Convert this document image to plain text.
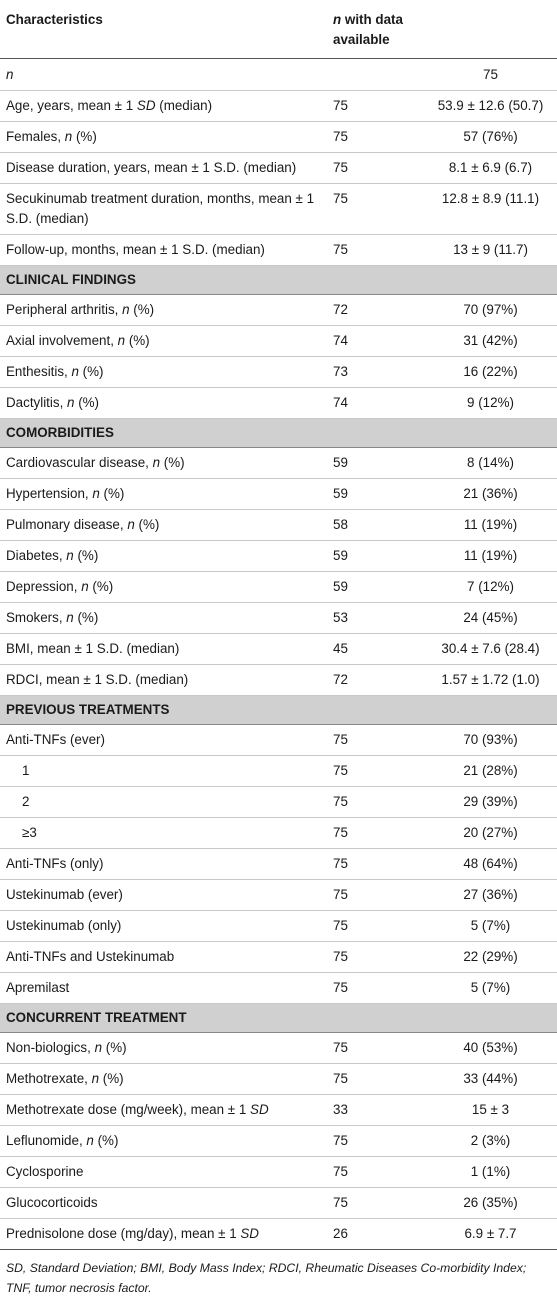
Characteristics	n with data available	
n		75
Age, years, mean ± 1 SD (median)	75	53.9 ± 12.6 (50.7)
Females, n (%)	75	57 (76%)
Disease duration, years, mean ± 1 S.D. (median)	75	8.1 ± 6.9 (6.7)
Secukinumab treatment duration, months, mean ± 1 S.D. (median)	75	12.8 ± 8.9 (11.1)
Follow-up, months, mean ± 1 S.D. (median)	75	13 ± 9 (11.7)
CLINICAL FINDINGS		
Peripheral arthritis, n (%)	72	70 (97%)
Axial involvement, n (%)	74	31 (42%)
Enthesitis, n (%)	73	16 (22%)
Dactylitis, n (%)	74	9 (12%)
COMORBIDITIES		
Cardiovascular disease, n (%)	59	8 (14%)
Hypertension, n (%)	59	21 (36%)
Pulmonary disease, n (%)	58	11 (19%)
Diabetes, n (%)	59	11 (19%)
Depression, n (%)	59	7 (12%)
Smokers, n (%)	53	24 (45%)
BMI, mean ± 1 S.D. (median)	45	30.4 ± 7.6 (28.4)
RDCI, mean ± 1 S.D. (median)	72	1.57 ± 1.72 (1.0)
PREVIOUS TREATMENTS		
Anti-TNFs (ever)	75	70 (93%)
1	75	21 (28%)
2	75	29 (39%)
≥3	75	20 (27%)
Anti-TNFs (only)	75	48 (64%)
Ustekinumab (ever)	75	27 (36%)
Ustekinumab (only)	75	5 (7%)
Anti-TNFs and Ustekinumab	75	22 (29%)
Apremilast	75	5 (7%)
CONCURRENT TREATMENT		
Non-biologics, n (%)	75	40 (53%)
Methotrexate, n (%)	75	33 (44%)
Methotrexate dose (mg/week), mean ± 1 SD	33	15 ± 3
Leflunomide, n (%)	75	2 (3%)
Cyclosporine	75	1 (1%)
Glucocorticoids	75	26 (35%)
Prednisolone dose (mg/day), mean ± 1 SD	26	6.9 ± 7.7
SD, Standard Deviation; BMI, Body Mass Index; RDCI, Rheumatic Diseases Co-morbidity Index; TNF, tumor necrosis factor.
